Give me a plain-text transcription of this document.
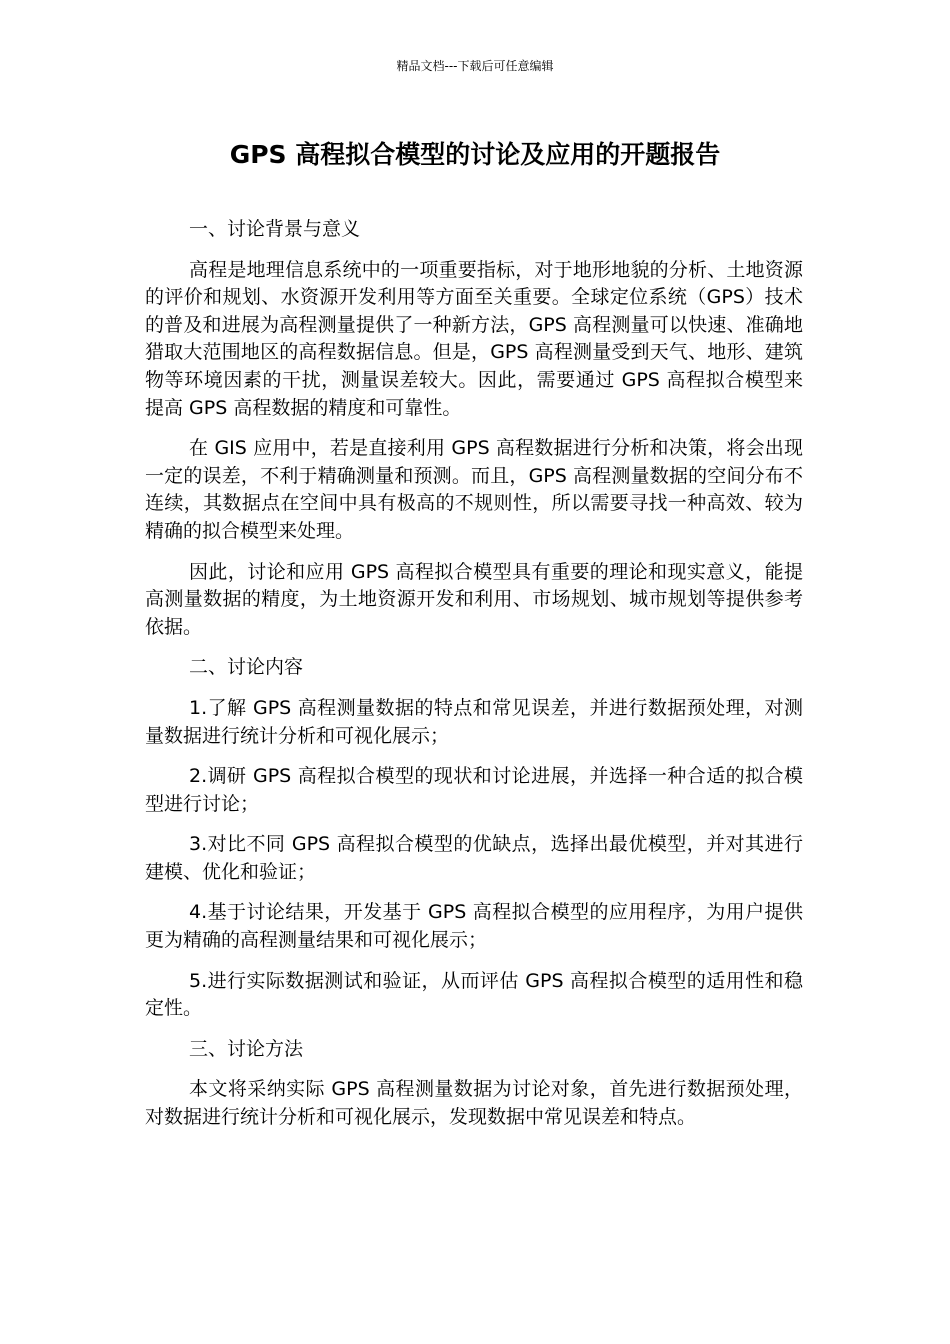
精品文档---下载后可任意编辑
GPS 高程拟合模型的讨论及应用的开题报告

一、讨论背景与意义

高程是地理信息系统中的一项重要指标，对于地形地貌的分析、土地资源的评价和规划、水资源开发利用等方面至关重要。全球定位系统（GPS）技术的普及和进展为高程测量提供了一种新方法，GPS 高程测量可以快速、准确地猎取大范围地区的高程数据信息。但是，GPS 高程测量受到天气、地形、建筑物等环境因素的干扰，测量误差较大。因此，需要通过 GPS 高程拟合模型来提高 GPS 高程数据的精度和可靠性。

在 GIS 应用中，若是直接利用 GPS 高程数据进行分析和决策，将会出现一定的误差，不利于精确测量和预测。而且，GPS 高程测量数据的空间分布不连续，其数据点在空间中具有极高的不规则性，所以需要寻找一种高效、较为精确的拟合模型来处理。

因此，讨论和应用 GPS 高程拟合模型具有重要的理论和现实意义，能提高测量数据的精度，为土地资源开发和利用、市场规划、城市规划等提供参考依据。

二、讨论内容

1.了解 GPS 高程测量数据的特点和常见误差，并进行数据预处理，对测量数据进行统计分析和可视化展示；

2.调研 GPS 高程拟合模型的现状和讨论进展，并选择一种合适的拟合模型进行讨论；

3.对比不同 GPS 高程拟合模型的优缺点，选择出最优模型，并对其进行建模、优化和验证；

4.基于讨论结果，开发基于 GPS 高程拟合模型的应用程序，为用户提供更为精确的高程测量结果和可视化展示；

5.进行实际数据测试和验证，从而评估 GPS 高程拟合模型的适用性和稳定性。

三、讨论方法

本文将采纳实际 GPS 高程测量数据为讨论对象，首先进行数据预处理，对数据进行统计分析和可视化展示，发现数据中常见误差和特点。
